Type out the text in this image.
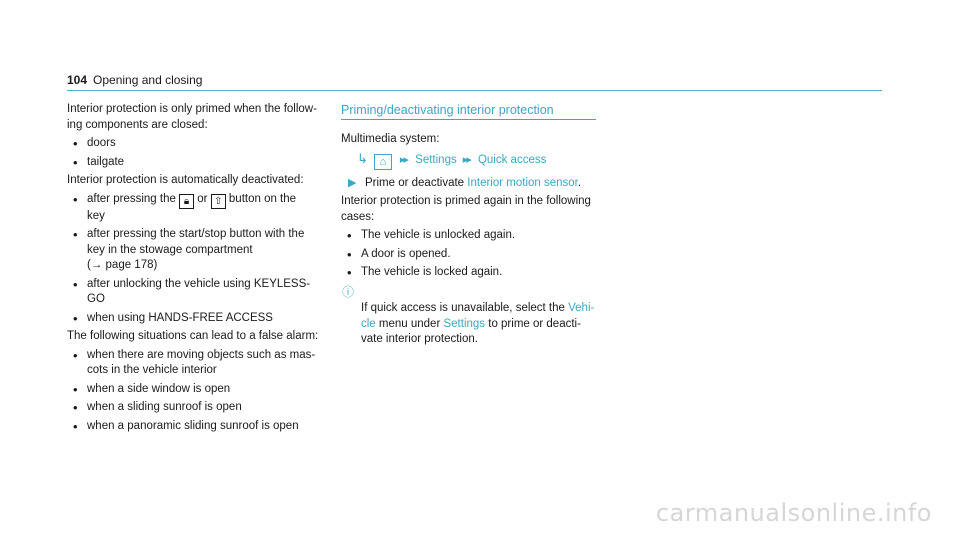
104 Opening and closing

Interior protection is only primed when the follow-
ing components are closed:

• doors
• tailgate

Interior protection is automatically deactivated:

• after pressing the 🔒︎ or ⇧ button on the
key
• after pressing the start/stop button with the
key in the stowage compartment
(→ page 178)
• after unlocking the vehicle using KEYLESS-GO
• when using HANDS-FREE ACCESS

The following situations can lead to a false alarm:

• when there are moving objects such as mas-
cots in the vehicle interior
• when a side window is open
• when a sliding sunroof is open
• when a panoramic sliding sunroof is open
Priming/deactivating interior protection

Multimedia system:

↳ ⌂ ▸▸ Settings ▸▸ Quick access
▶ Prime or deactivate Interior motion sensor.

Interior protection is primed again in the following
cases:

• The vehicle is unlocked again.
• A door is opened.
• The vehicle is locked again.

ⓘ
If quick access is unavailable, select the Vehi-
cle menu under Settings to prime or deacti-
vate interior protection.

carmanualsonline.info
